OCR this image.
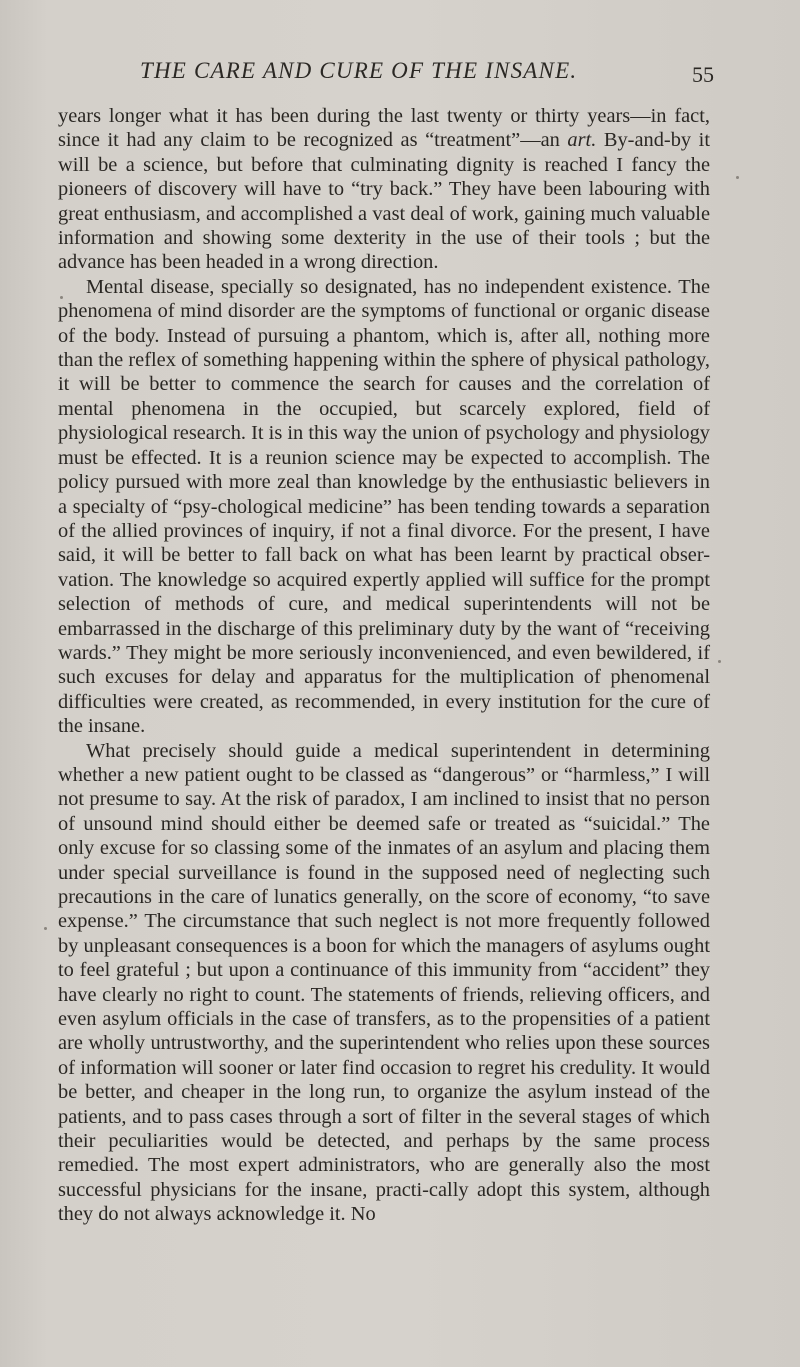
THE CARE AND CURE OF THE INSANE.	55

years longer what it has been during the last twenty or thirty years—in fact, since it had any claim to be recognized as “treatment”—an art. By-and-by it will be a science, but before that culminating dignity is reached I fancy the pioneers of discovery will have to “try back.” They have been labouring with great enthusiasm, and accomplished a vast deal of work, gaining much valuable information and showing some dexterity in the use of their tools ; but the advance has been headed in a wrong direction.

Mental disease, specially so designated, has no independent existence. The phenomena of mind disorder are the symptoms of functional or organic disease of the body. Instead of pursuing a phantom, which is, after all, nothing more than the reflex of something happening within the sphere of physical pathology, it will be better to commence the search for causes and the correlation of mental phenomena in the occupied, but scarcely explored, field of physiological research. It is in this way the union of psychology and physiology must be effected. It is a reunion science may be expected to accomplish. The policy pursued with more zeal than knowledge by the enthusiastic believers in a specialty of “psy-chological medicine” has been tending towards a separation of the allied provinces of inquiry, if not a final divorce. For the present, I have said, it will be better to fall back on what has been learnt by practical obser-vation. The knowledge so acquired expertly applied will suffice for the prompt selection of methods of cure, and medical superintendents will not be embarrassed in the discharge of this preliminary duty by the want of “receiving wards.” They might be more seriously inconvenienced, and even bewildered, if such excuses for delay and apparatus for the multiplication of phenomenal difficulties were created, as recommended, in every institution for the cure of the insane.

What precisely should guide a medical superintendent in determining whether a new patient ought to be classed as “dangerous” or “harmless,” I will not presume to say. At the risk of paradox, I am inclined to insist that no person of unsound mind should either be deemed safe or treated as “suicidal.” The only excuse for so classing some of the inmates of an asylum and placing them under special surveillance is found in the supposed need of neglecting such precautions in the care of lunatics generally, on the score of economy, “to save expense.” The circumstance that such neglect is not more frequently followed by unpleasant consequences is a boon for which the managers of asylums ought to feel grateful ; but upon a continuance of this immunity from “accident” they have clearly no right to count. The statements of friends, relieving officers, and even asylum officials in the case of transfers, as to the propensities of a patient are wholly untrustworthy, and the superintendent who relies upon these sources of information will sooner or later find occasion to regret his credulity. It would be better, and cheaper in the long run, to organize the asylum instead of the patients, and to pass cases through a sort of filter in the several stages of which their peculiarities would be detected, and perhaps by the same process remedied. The most expert administrators, who are generally also the most successful physicians for the insane, practi-cally adopt this system, although they do not always acknowledge it. No
